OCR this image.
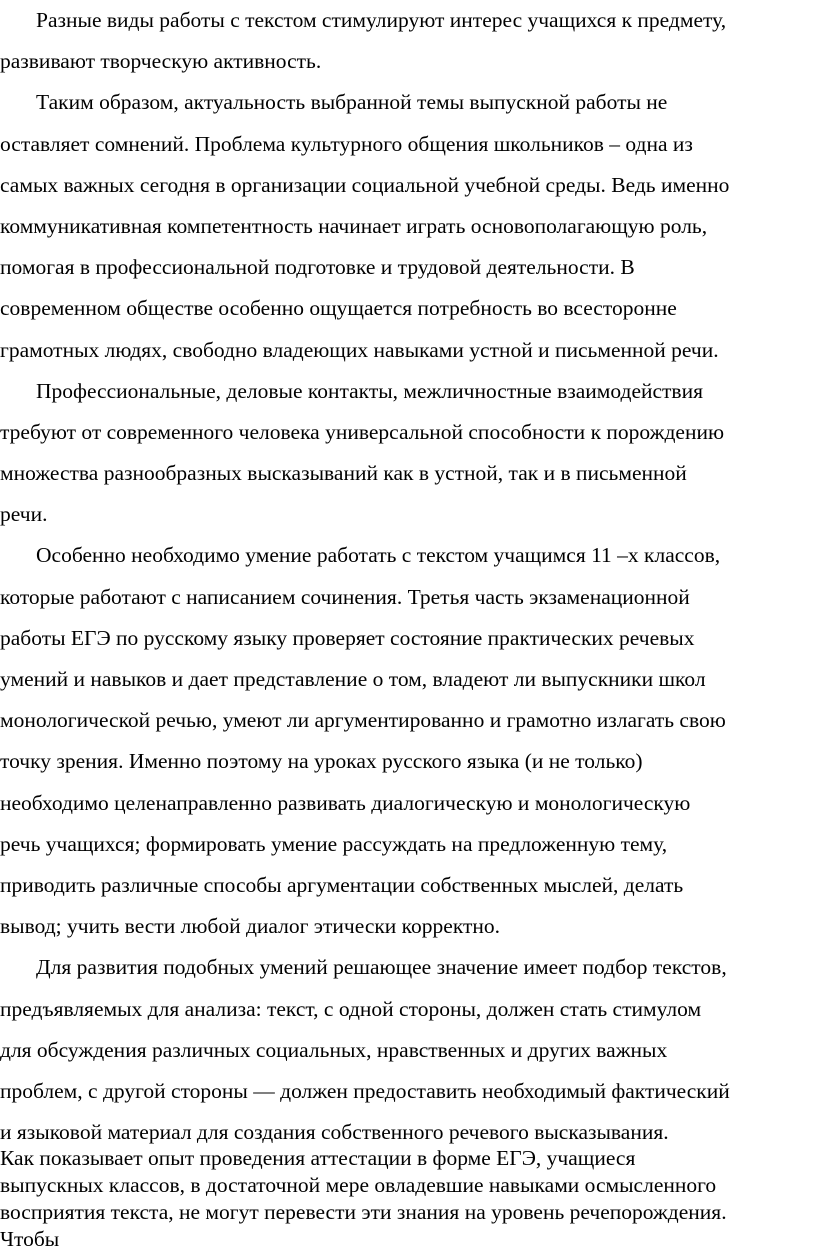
Разные виды работы с текстом стимулируют интерес учащихся к предмету,
развивают творческую активность.

Таким образом, актуальность выбранной темы выпускной работы не
оставляет сомнений. Проблема культурного общения школьников – одна из
самых важных сегодня в организации социальной учебной среды. Ведь именно
коммуникативная компетентность начинает играть основополагающую роль,
помогая в профессиональной подготовке и трудовой деятельности. В
современном обществе особенно ощущается потребность во всесторонне
грамотных людях, свободно владеющих навыками устной и письменной речи.

Профессиональные, деловые контакты, межличностные взаимодействия
требуют от современного человека универсальной способности к порождению
множества разнообразных высказываний как в устной, так и в письменной
речи.

Особенно необходимо умение работать с текстом учащимся 11 –х классов,
которые работают с написанием сочинения. Третья часть экзаменационной
работы ЕГЭ по русскому языку проверяет состояние практических речевых
умений и навыков и дает представление о том, владеют ли выпускники школ
монологической речью, умеют ли аргументированно и грамотно излагать свою
точку зрения. Именно поэтому на уроках русского языка (и не только)
необходимо целенаправленно развивать диалогическую и монологическую
речь учащихся; формировать умение рассуждать на предложенную тему,
приводить различные способы аргументации собственных мыслей, делать
вывод; учить вести любой диалог этически корректно.

Для развития подобных умений решающее значение имеет подбор текстов,
предъявляемых для анализа: текст, с одной стороны, должен стать стимулом
для обсуждения различных социальных, нравственных и других важных
проблем, с другой стороны — должен предоставить необходимый фактический
и языковой материал для создания собственного речевого высказывания.

Как показывает опыт проведения аттестации в форме ЕГЭ, учащиеся
выпускных классов, в достаточной мере овладевшие навыками осмысленного
восприятия текста, не могут перевести эти знания на уровень речепорождения.
Чтобы
